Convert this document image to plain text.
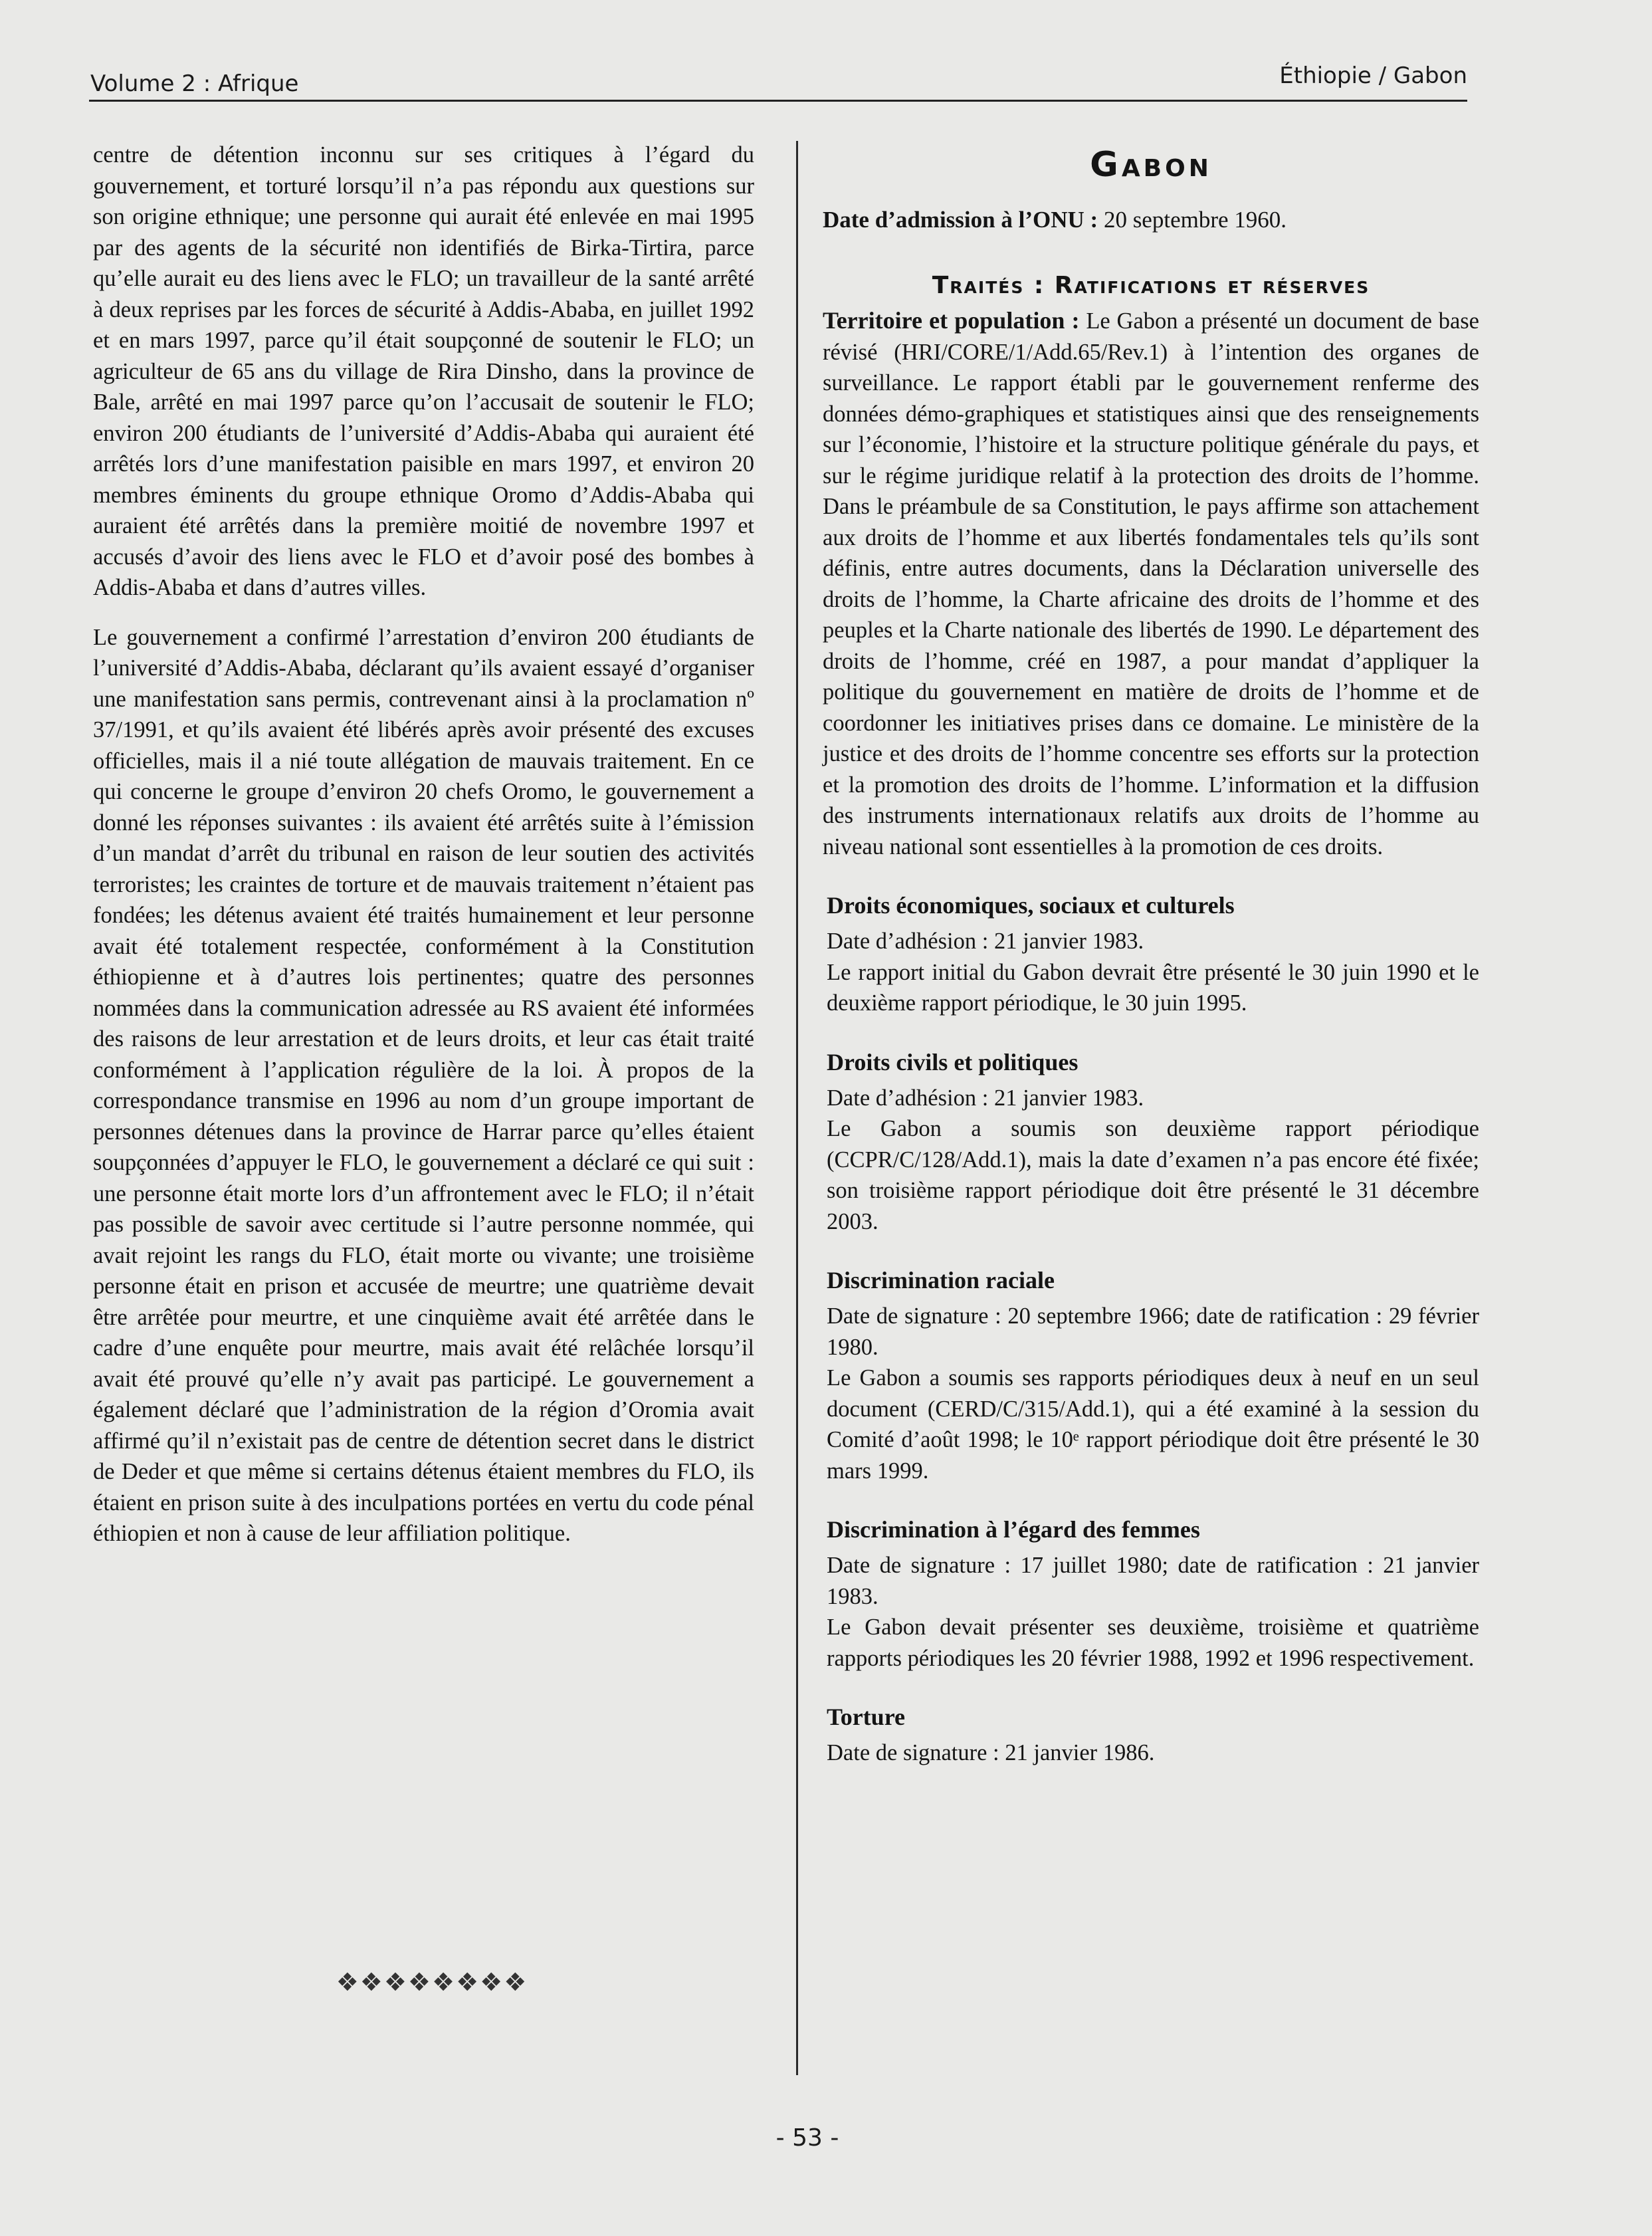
Volume 2 : Afrique	Éthiopie / Gabon

centre de détention inconnu sur ses critiques à l’égard du gouvernement, et torturé lorsqu’il n’a pas répondu aux questions sur son origine ethnique; une personne qui aurait été enlevée en mai 1995 par des agents de la sécurité non identifiés de Birka-Tirtira, parce qu’elle aurait eu des liens avec le FLO; un travailleur de la santé arrêté à deux reprises par les forces de sécurité à Addis-Ababa, en juillet 1992 et en mars 1997, parce qu’il était soupçonné de soutenir le FLO; un agriculteur de 65 ans du village de Rira Dinsho, dans la province de Bale, arrêté en mai 1997 parce qu’on l’accusait de soutenir le FLO; environ 200 étudiants de l’université d’Addis-Ababa qui auraient été arrêtés lors d’une manifestation paisible en mars 1997, et environ 20 membres éminents du groupe ethnique Oromo d’Addis-Ababa qui auraient été arrêtés dans la première moitié de novembre 1997 et accusés d’avoir des liens avec le FLO et d’avoir posé des bombes à Addis-Ababa et dans d’autres villes.

Le gouvernement a confirmé l’arrestation d’environ 200 étudiants de l’université d’Addis-Ababa, déclarant qu’ils avaient essayé d’organiser une manifestation sans permis, contrevenant ainsi à la proclamation nº 37/1991, et qu’ils avaient été libérés après avoir présenté des excuses officielles, mais il a nié toute allégation de mauvais traitement. En ce qui concerne le groupe d’environ 20 chefs Oromo, le gouvernement a donné les réponses suivantes : ils avaient été arrêtés suite à l’émission d’un mandat d’arrêt du tribunal en raison de leur soutien des activités terroristes; les craintes de torture et de mauvais traitement n’étaient pas fondées; les détenus avaient été traités humainement et leur personne avait été totalement respectée, conformément à la Constitution éthiopienne et à d’autres lois pertinentes; quatre des personnes nommées dans la communication adressée au RS avaient été informées des raisons de leur arrestation et de leurs droits, et leur cas était traité conformément à l’application régulière de la loi. À propos de la correspondance transmise en 1996 au nom d’un groupe important de personnes détenues dans la province de Harrar parce qu’elles étaient soupçonnées d’appuyer le FLO, le gouvernement a déclaré ce qui suit : une personne était morte lors d’un affrontement avec le FLO; il n’était pas possible de savoir avec certitude si l’autre personne nommée, qui avait rejoint les rangs du FLO, était morte ou vivante; une troisième personne était en prison et accusée de meurtre; une quatrième devait être arrêtée pour meurtre, et une cinquième avait été arrêtée dans le cadre d’une enquête pour meurtre, mais avait été relâchée lorsqu’il avait été prouvé qu’elle n’y avait pas participé. Le gouvernement a également déclaré que l’administration de la région d’Oromia avait affirmé qu’il n’existait pas de centre de détention secret dans le district de Deder et que même si certains détenus étaient membres du FLO, ils étaient en prison suite à des inculpations portées en vertu du code pénal éthiopien et non à cause de leur affiliation politique.

❖❖❖❖❖❖❖❖
Gabon

Date d’admission à l’ONU : 20 septembre 1960.

Traités : Ratifications et réserves

Territoire et population : Le Gabon a présenté un document de base révisé (HRI/CORE/1/Add.65/Rev.1) à l’intention des organes de surveillance. Le rapport établi par le gouvernement renferme des données démo-graphiques et statistiques ainsi que des renseignements sur l’économie, l’histoire et la structure politique générale du pays, et sur le régime juridique relatif à la protection des droits de l’homme. Dans le préambule de sa Constitution, le pays affirme son attachement aux droits de l’homme et aux libertés fondamentales tels qu’ils sont définis, entre autres documents, dans la Déclaration universelle des droits de l’homme, la Charte africaine des droits de l’homme et des peuples et la Charte nationale des libertés de 1990. Le département des droits de l’homme, créé en 1987, a pour mandat d’appliquer la politique du gouvernement en matière de droits de l’homme et de coordonner les initiatives prises dans ce domaine. Le ministère de la justice et des droits de l’homme concentre ses efforts sur la protection et la promotion des droits de l’homme. L’information et la diffusion des instruments internationaux relatifs aux droits de l’homme au niveau national sont essentielles à la promotion de ces droits.

Droits économiques, sociaux et culturels

Date d’adhésion : 21 janvier 1983.

Le rapport initial du Gabon devrait être présenté le 30 juin 1990 et le deuxième rapport périodique, le 30 juin 1995.

Droits civils et politiques

Date d’adhésion : 21 janvier 1983.

Le Gabon a soumis son deuxième rapport périodique (CCPR/C/128/Add.1), mais la date d’examen n’a pas encore été fixée; son troisième rapport périodique doit être présenté le 31 décembre 2003.

Discrimination raciale

Date de signature : 20 septembre 1966; date de ratification : 29 février 1980.

Le Gabon a soumis ses rapports périodiques deux à neuf en un seul document (CERD/C/315/Add.1), qui a été examiné à la session du Comité d’août 1998; le 10ᵉ rapport périodique doit être présenté le 30 mars 1999.

Discrimination à l’égard des femmes

Date de signature : 17 juillet 1980; date de ratification : 21 janvier 1983.

Le Gabon devait présenter ses deuxième, troisième et quatrième rapports périodiques les 20 février 1988, 1992 et 1996 respectivement.

Torture

Date de signature : 21 janvier 1986.

- 53 -
